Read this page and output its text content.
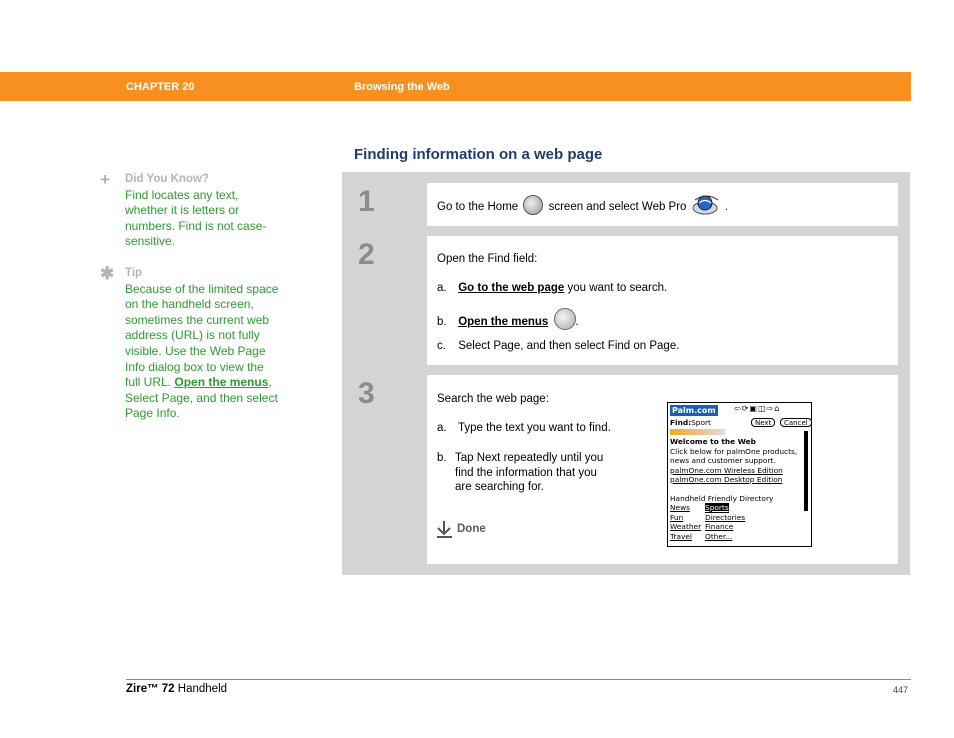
CHAPTER 20	Browsing the Web
Finding information on a web page
+	Did You Know?
Find locates any text, whether it is letters or numbers. Find is not case-sensitive.
✱ Tip
Because of the limited space on the handheld screen, sometimes the current web address (URL) is not fully visible. Use the Web Page Info dialog box to view the full URL. Open the menus, Select Page, and then select Page Info.
1	Go to the Home	screen and select Web Pro	.
2	Open the Find field:
a. Go to the web page you want to search.
b. Open the menus .
c. Select Page, and then select Find on Page.
3	Search the web page:
a. Type the text you want to find.
b. Tap Next repeatedly until you
find the information that you
are searching for.
Done
Palm.com ⇦⟳▣◫⇨⌂
Find:Sport	Next	Cancel
Welcome to the Web
Click below for palmOne products,
news and customer support.
palmOne.com Wireless Edition
palmOne.com Desktop Edition
Handheld Friendly Directory
News	Sports
Fun	Directories
Weather Finance
Travel	Other...
Zire™ 72 Handheld	447
